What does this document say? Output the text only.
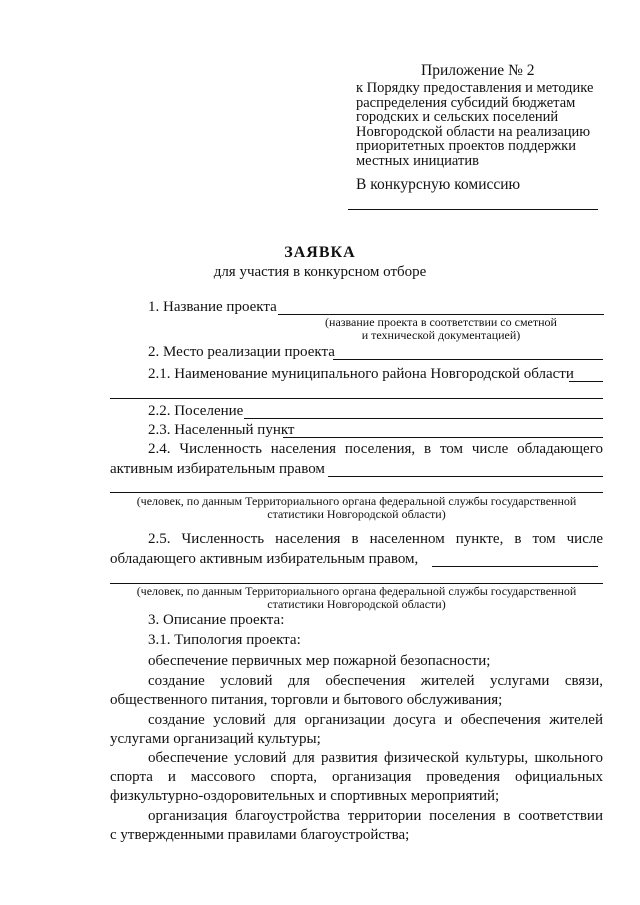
Приложение № 2
к Порядку предоставления и методике
распределения субсидий бюджетам
городских и сельских поселений
Новгородской области на реализацию
приоритетных проектов поддержки
местных инициатив
В конкурсную комиссию
ЗАЯВКА
для участия в конкурсном отборе
1. Название проекта
(название проекта в соответствии со сметной
и технической документацией)
2. Место реализации проекта
2.1. Наименование муниципального района Новгородской области
2.2. Поселение
2.3. Населенный пункт
2.4. Численность населения поселения, в том числе обладающего
активным избирательным правом
(человек, по данным Территориального органа федеральной службы государственной
статистики Новгородской области)
2.5. Численность населения в населенном пункте, в том числе
обладающего активным избирательным правом,
(человек, по данным Территориального органа федеральной службы государственной
статистики Новгородской области)
3. Описание проекта:
3.1. Типология проекта:
обеспечение первичных мер пожарной безопасности;
создание условий для обеспечения жителей услугами связи,
общественного питания, торговли и бытового обслуживания;
создание условий для организации досуга и обеспечения жителей
услугами организаций культуры;
обеспечение условий для развития физической культуры, школьного
спорта и массового спорта, организация проведения официальных
физкультурно-оздоровительных и спортивных мероприятий;
организация благоустройства территории поселения в соответствии
с утвержденными правилами благоустройства;
